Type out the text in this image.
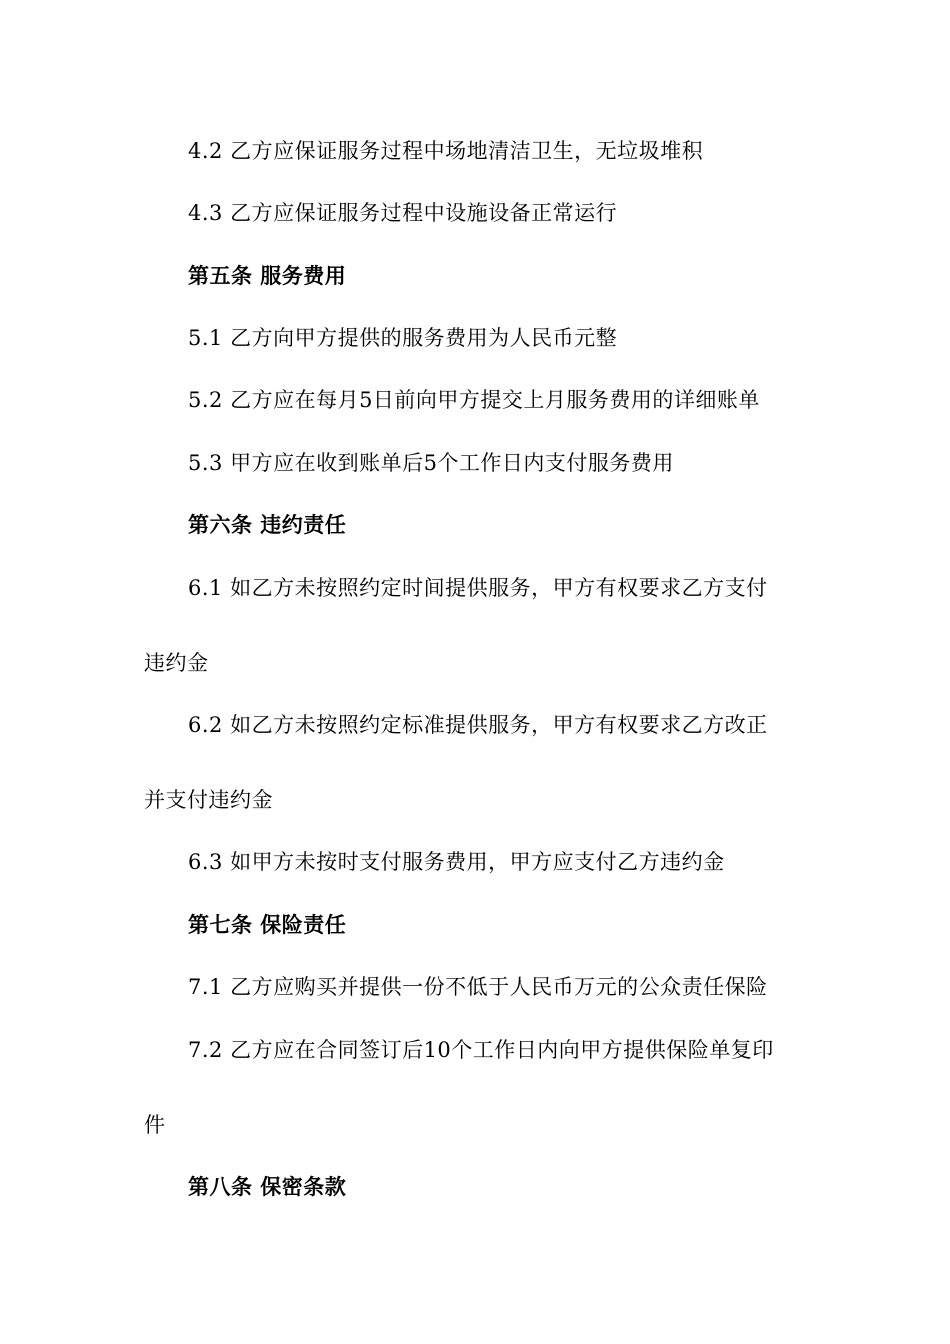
4.2 乙方应保证服务过程中场地清洁卫生，无垃圾堆积
4.3 乙方应保证服务过程中设施设备正常运行
第五条 服务费用
5.1 乙方向甲方提供的服务费用为人民币元整
5.2 乙方应在每月5日前向甲方提交上月服务费用的详细账单
5.3 甲方应在收到账单后5个工作日内支付服务费用
第六条 违约责任
6.1 如乙方未按照约定时间提供服务，甲方有权要求乙方支付
违约金
6.2 如乙方未按照约定标准提供服务，甲方有权要求乙方改正
并支付违约金
6.3 如甲方未按时支付服务费用，甲方应支付乙方违约金
第七条 保险责任
7.1 乙方应购买并提供一份不低于人民币万元的公众责任保险
7.2 乙方应在合同签订后10个工作日内向甲方提供保险单复印
件
第八条 保密条款
